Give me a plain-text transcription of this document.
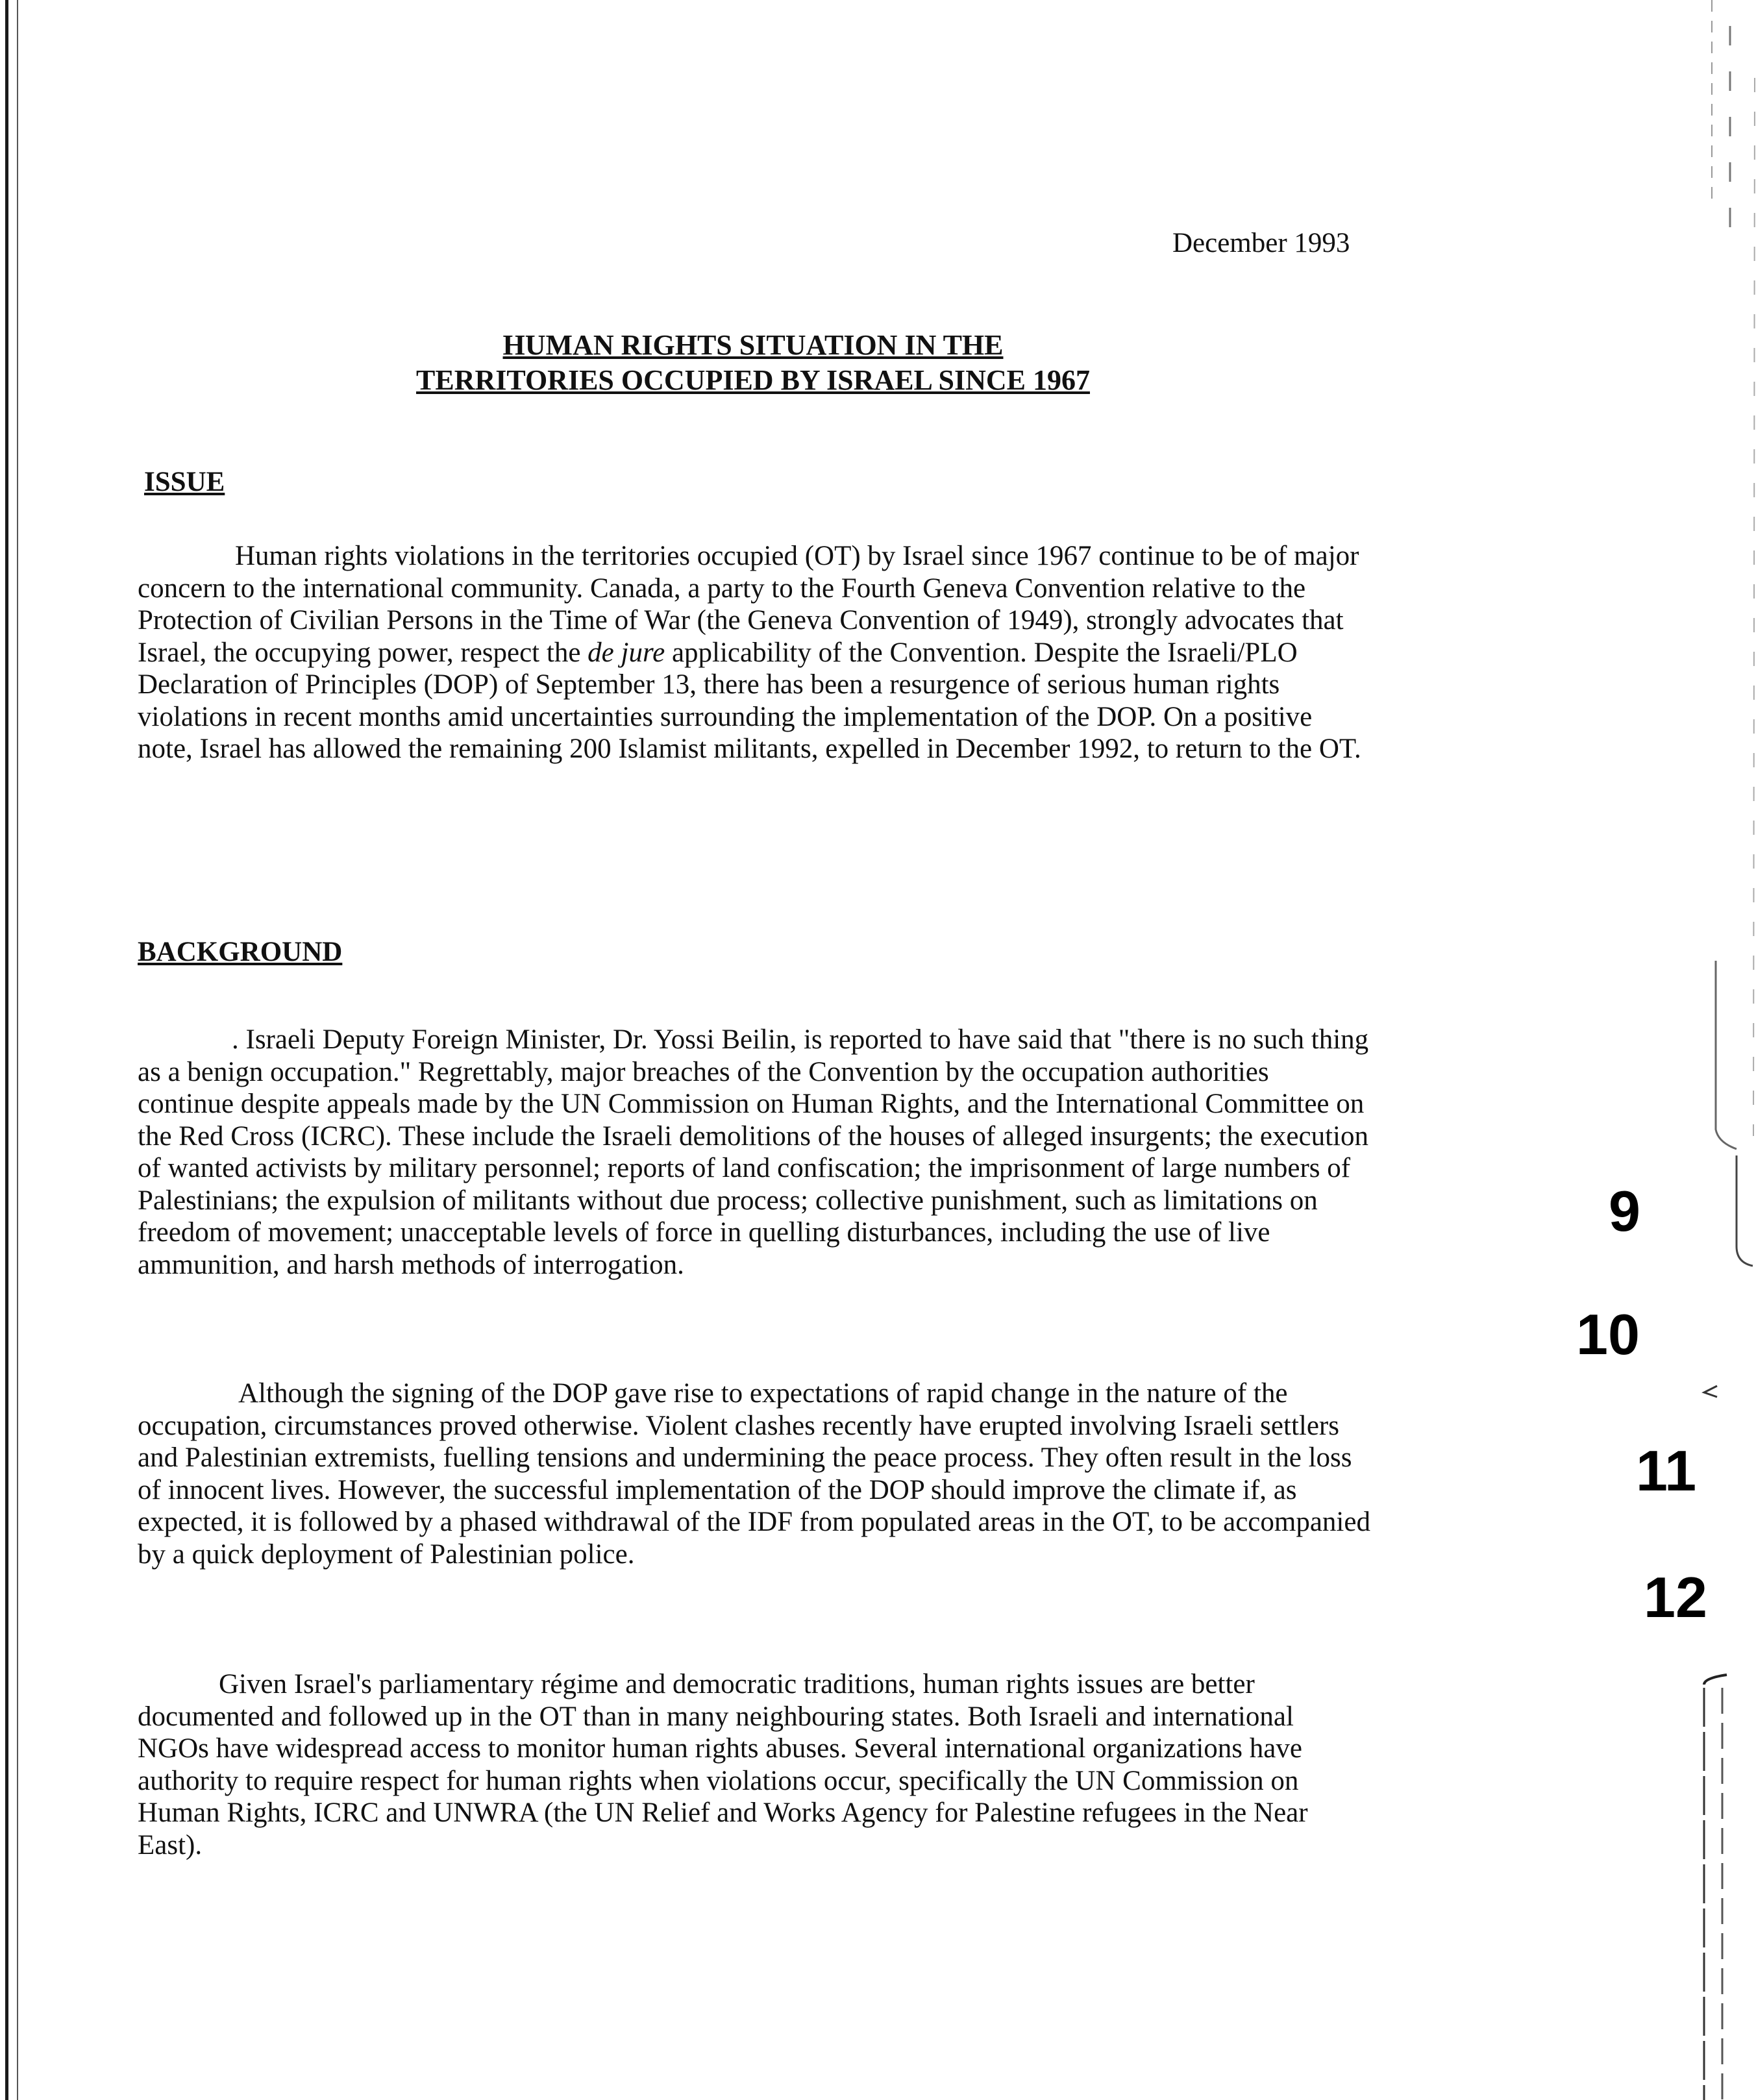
December 1993
HUMAN RIGHTS SITUATION IN THE
TERRITORIES OCCUPIED BY ISRAEL SINCE 1967
ISSUE
Human rights violations in the territories occupied (OT) by Israel since 1967 continue to be of major concern to the international community. Canada, a party to the Fourth Geneva Convention relative to the Protection of Civilian Persons in the Time of War (the Geneva Convention of 1949), strongly advocates that Israel, the occupying power, respect the de jure applicability of the Convention. Despite the Israeli/PLO Declaration of Principles (DOP) of September 13, there has been a resurgence of serious human rights violations in recent months amid uncertainties surrounding the implementation of the DOP. On a positive note, Israel has allowed the remaining 200 Islamist militants, expelled in December 1992, to return to the OT.
BACKGROUND
. Israeli Deputy Foreign Minister, Dr. Yossi Beilin, is reported to have said that "there is no such thing as a benign occupation." Regrettably, major breaches of the Convention by the occupation authorities continue despite appeals made by the UN Commission on Human Rights, and the International Committee on the Red Cross (ICRC). These include the Israeli demolitions of the houses of alleged insurgents; the execution of wanted activists by military personnel; reports of land confiscation; the imprisonment of large numbers of Palestinians; the expulsion of militants without due process; collective punishment, such as limitations on freedom of movement; unacceptable levels of force in quelling disturbances, including the use of live ammunition, and harsh methods of interrogation.
Although the signing of the DOP gave rise to expectations of rapid change in the nature of the occupation, circumstances proved otherwise. Violent clashes recently have erupted involving Israeli settlers and Palestinian extremists, fuelling tensions and undermining the peace process. They often result in the loss of innocent lives. However, the successful implementation of the DOP should improve the climate if, as expected, it is followed by a phased withdrawal of the IDF from populated areas in the OT, to be accompanied by a quick deployment of Palestinian police.
Given Israel's parliamentary régime and democratic traditions, human rights issues are better documented and followed up in the OT than in many neighbouring states. Both Israeli and international NGOs have widespread access to monitor human rights abuses. Several international organizations have authority to require respect for human rights when violations occur, specifically the UN Commission on Human Rights, ICRC and UNWRA (the UN Relief and Works Agency for Palestine refugees in the Near East).
9
10
11
12
